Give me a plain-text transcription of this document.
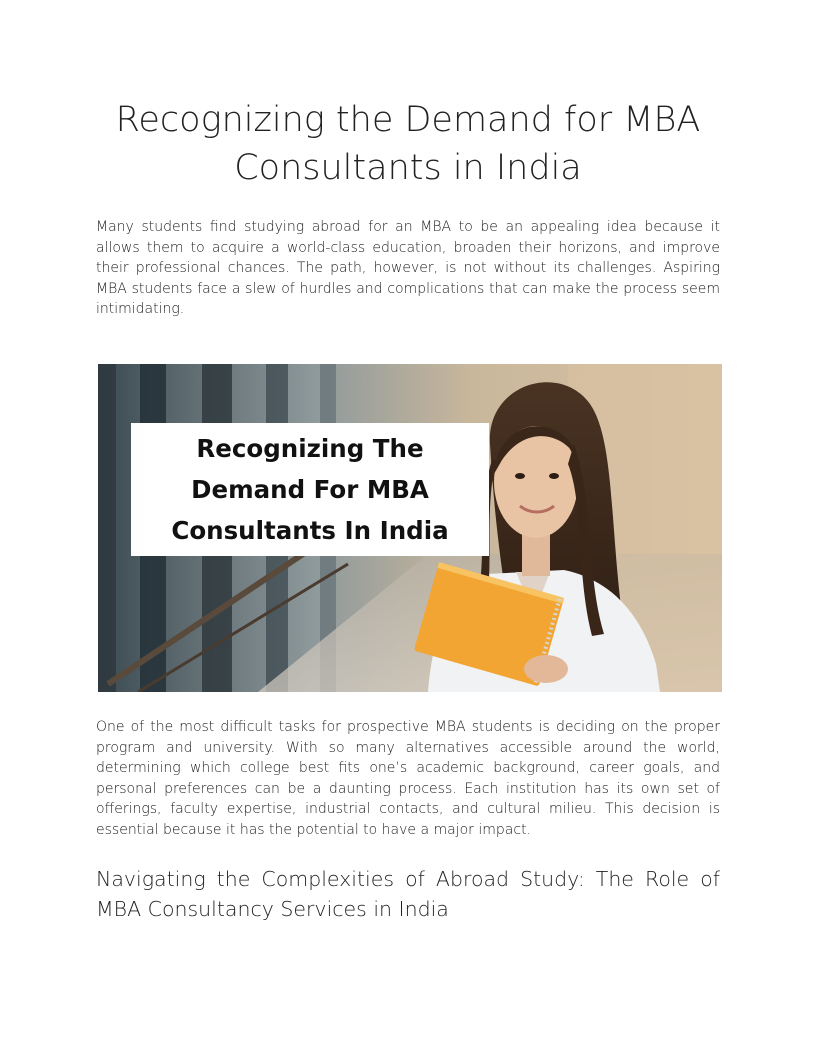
Recognizing the Demand for MBA Consultants in India

Many students find studying abroad for an MBA to be an appealing idea because it allows them to acquire a world-class education, broaden their horizons, and improve their professional chances. The path, however, is not without its challenges. Aspiring MBA students face a slew of hurdles and complications that can make the process seem intimidating.

Recognizing The Demand For MBA Consultants In India

One of the most difficult tasks for prospective MBA students is deciding on the proper program and university. With so many alternatives accessible around the world, determining which college best fits one’s academic background, career goals, and personal preferences can be a daunting process. Each institution has its own set of offerings, faculty expertise, industrial contacts, and cultural milieu. This decision is essential because it has the potential to have a major impact.

Navigating the Complexities of Abroad Study: The Role of MBA Consultancy Services in India
